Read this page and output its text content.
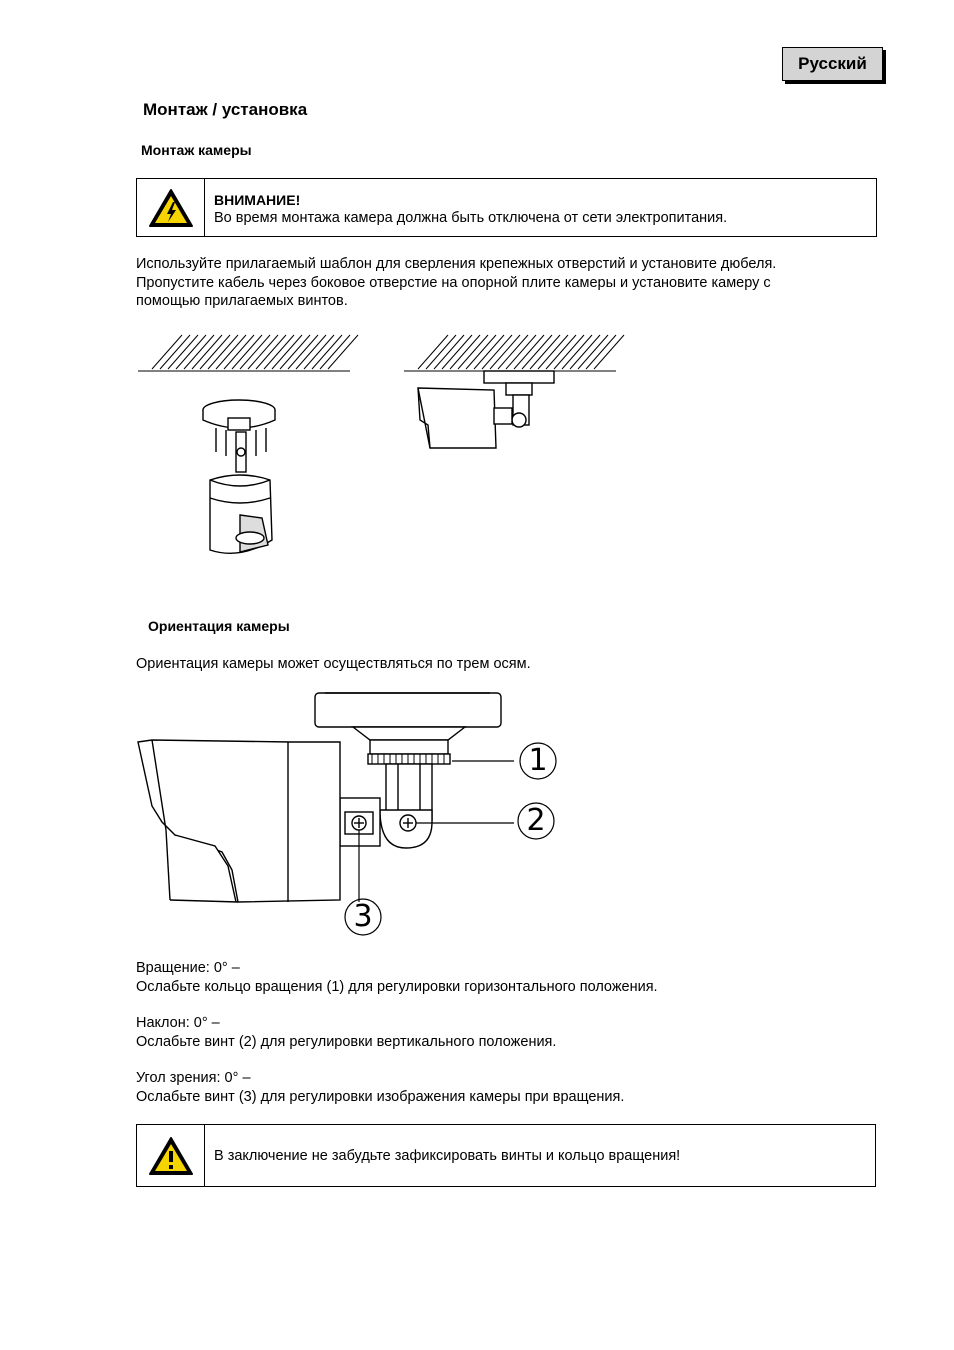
Русский
Монтаж / установка
Монтаж камеры
ВНИМАНИЕ!
Во время монтажа камера должна быть отключена от сети электропитания.
Используйте прилагаемый шаблон для сверления крепежных отверстий и установите дюбеля.
Пропустите кабель через боковое отверстие на опорной плите камеры и установите камеру с
помощью прилагаемых винтов.
1
2
3
Ориентация камеры
Ориентация камеры может осуществляться по трем осям.
Вращение: 0° –
Ослабьте кольцо вращения (1) для регулировки горизонтального положения.
Наклон: 0° –
Ослабьте винт (2) для регулировки вертикального положения.
Угол зрения: 0° –
Ослабьте винт (3) для регулировки изображения камеры при вращения.
В заключение не забудьте зафиксировать винты и кольцо вращения!
